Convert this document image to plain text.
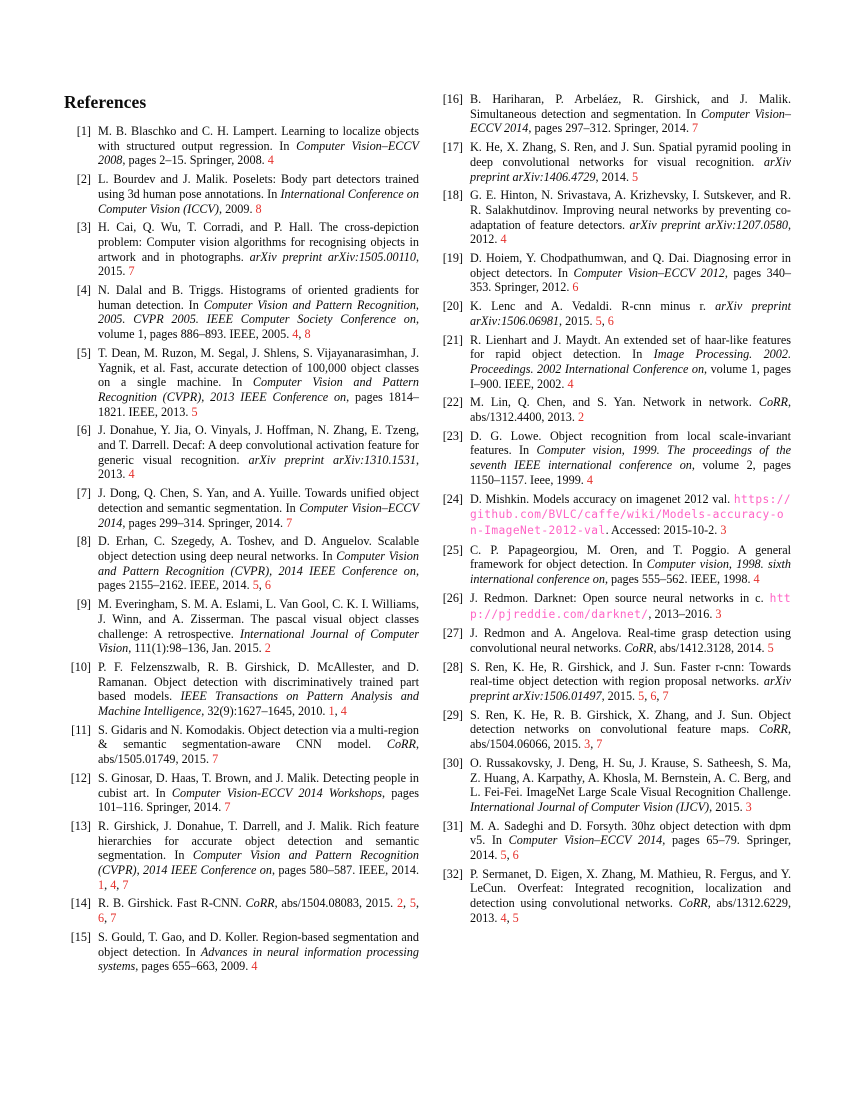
References
[1] M. B. Blaschko and C. H. Lampert. Learning to localize objects with structured output regression. In Computer Vision–ECCV 2008, pages 2–15. Springer, 2008. 4
[2] L. Bourdev and J. Malik. Poselets: Body part detectors trained using 3d human pose annotations. In International Conference on Computer Vision (ICCV), 2009. 8
[3] H. Cai, Q. Wu, T. Corradi, and P. Hall. The cross-depiction problem: Computer vision algorithms for recognising objects in artwork and in photographs. arXiv preprint arXiv:1505.00110, 2015. 7
[4] N. Dalal and B. Triggs. Histograms of oriented gradients for human detection. In Computer Vision and Pattern Recognition, 2005. CVPR 2005. IEEE Computer Society Conference on, volume 1, pages 886–893. IEEE, 2005. 4, 8
[5] T. Dean, M. Ruzon, M. Segal, J. Shlens, S. Vijayanarasimhan, J. Yagnik, et al. Fast, accurate detection of 100,000 object classes on a single machine. In Computer Vision and Pattern Recognition (CVPR), 2013 IEEE Conference on, pages 1814–1821. IEEE, 2013. 5
[6] J. Donahue, Y. Jia, O. Vinyals, J. Hoffman, N. Zhang, E. Tzeng, and T. Darrell. Decaf: A deep convolutional activation feature for generic visual recognition. arXiv preprint arXiv:1310.1531, 2013. 4
[7] J. Dong, Q. Chen, S. Yan, and A. Yuille. Towards unified object detection and semantic segmentation. In Computer Vision–ECCV 2014, pages 299–314. Springer, 2014. 7
[8] D. Erhan, C. Szegedy, A. Toshev, and D. Anguelov. Scalable object detection using deep neural networks. In Computer Vision and Pattern Recognition (CVPR), 2014 IEEE Conference on, pages 2155–2162. IEEE, 2014. 5, 6
[9] M. Everingham, S. M. A. Eslami, L. Van Gool, C. K. I. Williams, J. Winn, and A. Zisserman. The pascal visual object classes challenge: A retrospective. International Journal of Computer Vision, 111(1):98–136, Jan. 2015. 2
[10] P. F. Felzenszwalb, R. B. Girshick, D. McAllester, and D. Ramanan. Object detection with discriminatively trained part based models. IEEE Transactions on Pattern Analysis and Machine Intelligence, 32(9):1627–1645, 2010. 1, 4
[11] S. Gidaris and N. Komodakis. Object detection via a multi-region & semantic segmentation-aware CNN model. CoRR, abs/1505.01749, 2015. 7
[12] S. Ginosar, D. Haas, T. Brown, and J. Malik. Detecting people in cubist art. In Computer Vision-ECCV 2014 Workshops, pages 101–116. Springer, 2014. 7
[13] R. Girshick, J. Donahue, T. Darrell, and J. Malik. Rich feature hierarchies for accurate object detection and semantic segmentation. In Computer Vision and Pattern Recognition (CVPR), 2014 IEEE Conference on, pages 580–587. IEEE, 2014. 1, 4, 7
[14] R. B. Girshick. Fast R-CNN. CoRR, abs/1504.08083, 2015. 2, 5, 6, 7
[15] S. Gould, T. Gao, and D. Koller. Region-based segmentation and object detection. In Advances in neural information processing systems, pages 655–663, 2009. 4
[16] B. Hariharan, P. Arbeláez, R. Girshick, and J. Malik. Simultaneous detection and segmentation. In Computer Vision–ECCV 2014, pages 297–312. Springer, 2014. 7
[17] K. He, X. Zhang, S. Ren, and J. Sun. Spatial pyramid pooling in deep convolutional networks for visual recognition. arXiv preprint arXiv:1406.4729, 2014. 5
[18] G. E. Hinton, N. Srivastava, A. Krizhevsky, I. Sutskever, and R. R. Salakhutdinov. Improving neural networks by preventing co-adaptation of feature detectors. arXiv preprint arXiv:1207.0580, 2012. 4
[19] D. Hoiem, Y. Chodpathumwan, and Q. Dai. Diagnosing error in object detectors. In Computer Vision–ECCV 2012, pages 340–353. Springer, 2012. 6
[20] K. Lenc and A. Vedaldi. R-cnn minus r. arXiv preprint arXiv:1506.06981, 2015. 5, 6
[21] R. Lienhart and J. Maydt. An extended set of haar-like features for rapid object detection. In Image Processing. 2002. Proceedings. 2002 International Conference on, volume 1, pages I–900. IEEE, 2002. 4
[22] M. Lin, Q. Chen, and S. Yan. Network in network. CoRR, abs/1312.4400, 2013. 2
[23] D. G. Lowe. Object recognition from local scale-invariant features. In Computer vision, 1999. The proceedings of the seventh IEEE international conference on, volume 2, pages 1150–1157. Ieee, 1999. 4
[24] D. Mishkin. Models accuracy on imagenet 2012 val. https://github.com/BVLC/caffe/wiki/Models-accuracy-on-ImageNet-2012-val. Accessed: 2015-10-2. 3
[25] C. P. Papageorgiou, M. Oren, and T. Poggio. A general framework for object detection. In Computer vision, 1998. sixth international conference on, pages 555–562. IEEE, 1998. 4
[26] J. Redmon. Darknet: Open source neural networks in c. http://pjreddie.com/darknet/, 2013–2016. 3
[27] J. Redmon and A. Angelova. Real-time grasp detection using convolutional neural networks. CoRR, abs/1412.3128, 2014. 5
[28] S. Ren, K. He, R. Girshick, and J. Sun. Faster r-cnn: Towards real-time object detection with region proposal networks. arXiv preprint arXiv:1506.01497, 2015. 5, 6, 7
[29] S. Ren, K. He, R. B. Girshick, X. Zhang, and J. Sun. Object detection networks on convolutional feature maps. CoRR, abs/1504.06066, 2015. 3, 7
[30] O. Russakovsky, J. Deng, H. Su, J. Krause, S. Satheesh, S. Ma, Z. Huang, A. Karpathy, A. Khosla, M. Bernstein, A. C. Berg, and L. Fei-Fei. ImageNet Large Scale Visual Recognition Challenge. International Journal of Computer Vision (IJCV), 2015. 3
[31] M. A. Sadeghi and D. Forsyth. 30hz object detection with dpm v5. In Computer Vision–ECCV 2014, pages 65–79. Springer, 2014. 5, 6
[32] P. Sermanet, D. Eigen, X. Zhang, M. Mathieu, R. Fergus, and Y. LeCun. Overfeat: Integrated recognition, localization and detection using convolutional networks. CoRR, abs/1312.6229, 2013. 4, 5
